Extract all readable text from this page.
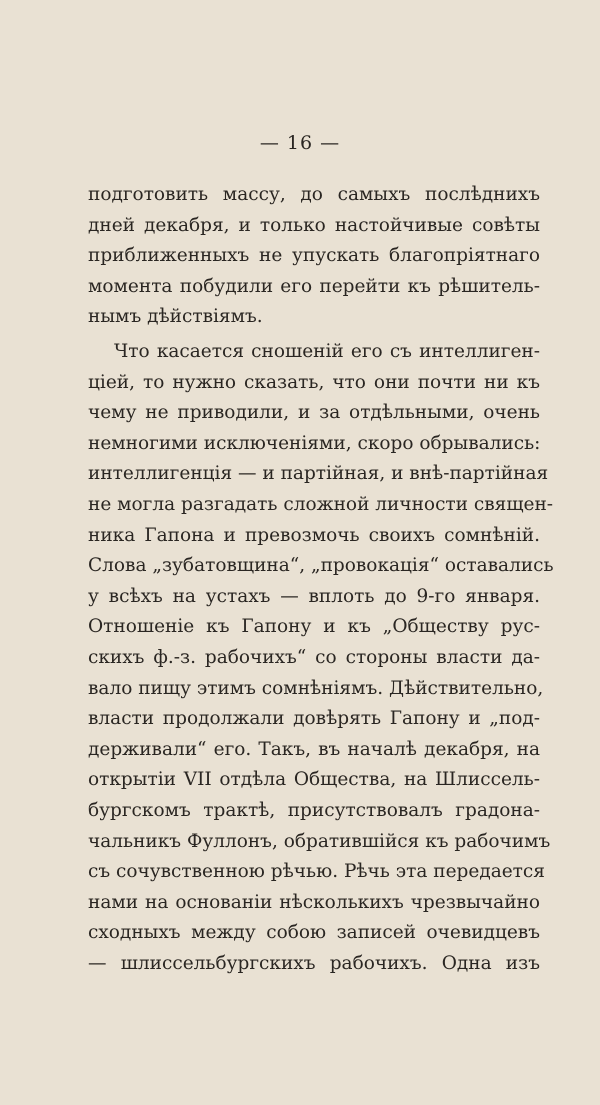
— 16 —
подготовить массу, до самыхъ послѣднихъ
дней декабря, и только настойчивые совѣты
приближенныхъ не упускать благопріятнаго
момента побудили его перейти къ рѣшитель-
нымъ дѣйствіямъ.
Что касается сношеній его съ интеллиген-
ціей, то нужно сказать, что они почти ни къ
чему не приводили, и за отдѣльными, очень
немногими исключеніями, скоро обрывались:
интеллигенція — и партійная, и внѣ-партійная
не могла разгадать сложной личности священ-
ника Гапона и превозмочь своихъ сомнѣній.
Слова „зубатовщина“, „провокація“ оставались
у всѣхъ на устахъ — вплоть до 9-го января.
Отношеніе къ Гапону и къ „Обществу рус-
скихъ ф.-з. рабочихъ“ со стороны власти да-
вало пищу этимъ сомнѣніямъ. Дѣйствительно,
власти продолжали довѣрять Гапону и „под-
держивали“ его. Такъ, въ началѣ декабря, на
открытіи VII отдѣла Общества, на Шлиссель-
бургскомъ трактѣ, присутствовалъ градона-
чальникъ Фуллонъ, обратившійся къ рабочимъ
съ сочувственною рѣчью. Рѣчь эта передается
нами на основаніи нѣсколькихъ чрезвычайно
сходныхъ между собою записей очевидцевъ
— шлиссельбургскихъ рабочихъ. Одна изъ
